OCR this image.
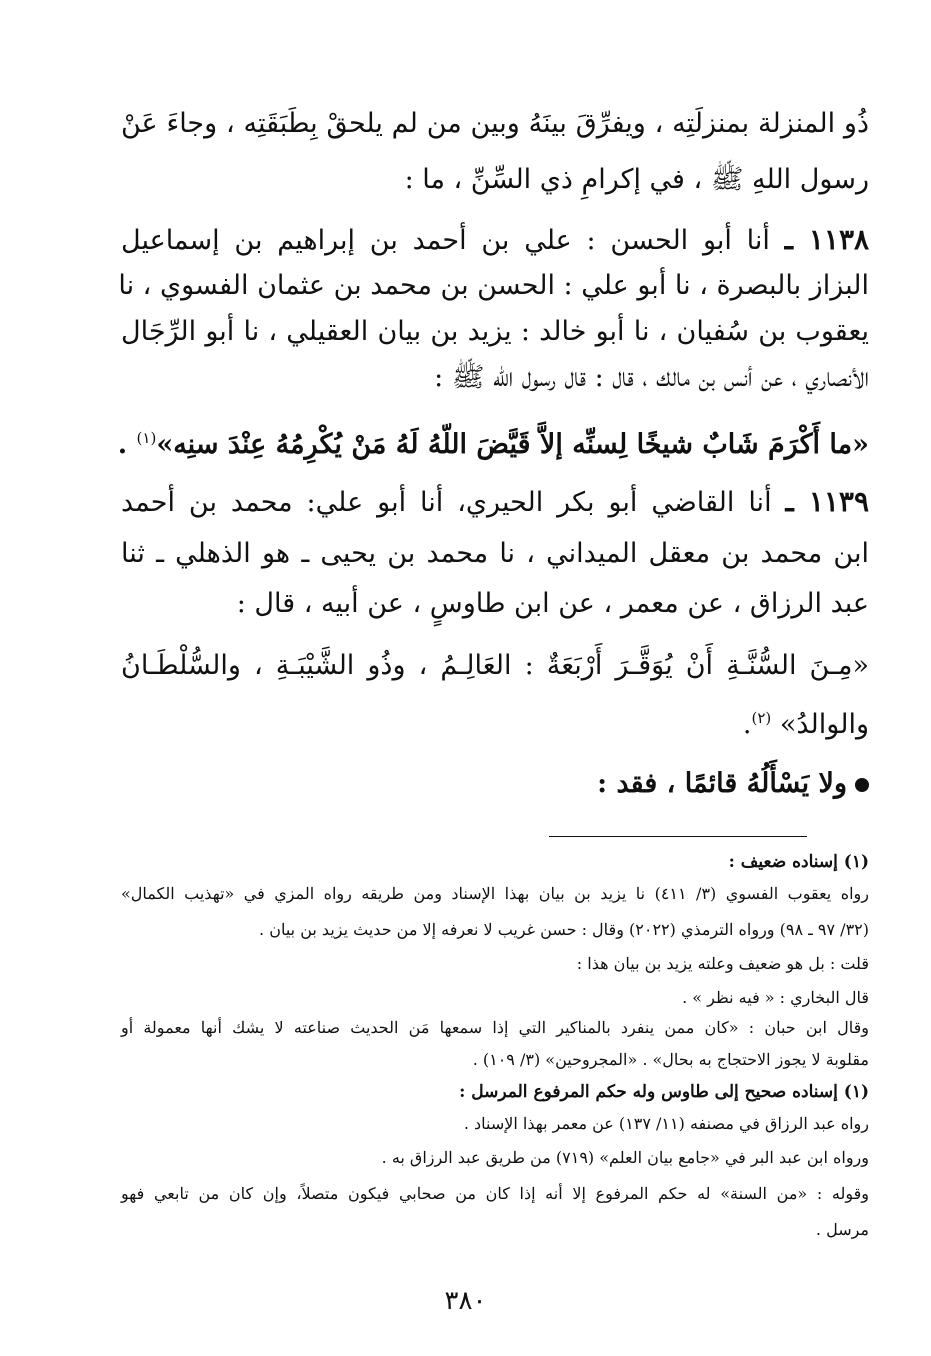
ذُو المنزلة بمنزلَتِه ، ويفرِّقَ بينَهُ وبين من لم يلحقْ بِطَبَقَتِه ، وجاءَ عَنْ
رسول اللهِ ﷺ ، في إكرامِ ذي السِّنِّ ، ما :
١١٣٨ ـ أنا أبو الحسن : علي بن أحمد بن إبراهيم بن إسماعيل
البزاز بالبصرة ، نا أبو علي : الحسن بن محمد بن عثمان الفسوي ، نا
يعقوب بن سُفيان ، نا أبو خالد : يزيد بن بيان العقيلي ، نا أبو الرِّجَال
الأنصاري ، عن أنس بن مالك ، قال : قال رسول الله ﷺ :
«ما أَكْرَمَ شَابٌ شيخًا لِسنِّه إلاَّ قَيَّضَ اللّهُ لَهُ مَنْ يُكْرِمُهُ عِنْدَ سنِه»$^{(١)}$ .
١١٣٩ ـ أنا القاضي أبو بكر الحيري، أنا أبو علي: محمد بن أحمد
ابن محمد بن معقل الميداني ، نا محمد بن يحيى ـ هو الذهلي ـ ثنا
عبد الرزاق ، عن معمر ، عن ابن طاوسٍ ، عن أبيه ، قال :
«مِـنَ السُّنَّـةِ أَنْ يُوَقَّـرَ أَرْبَعَةٌ : العَالِـمُ ، وذُو الشَّيْبَـةِ ، والسُّلْطَـانُ
والوالدُ» $^{(٢)}$.
ولا يَسْأَلُهُ قائمًا ، فقد :
(١) إسناده ضعيف :
رواه يعقوب الفسوي (٣/ ٤١١) نا يزيد بن بيان بهذا الإسناد ومن طريقه رواه المزي في «تهذيب الكمال»
(٣٢/ ٩٧ ـ ٩٨) ورواه الترمذي (٢٠٢٢) وقال : حسن غريب لا نعرفه إلا من حديث يزيد بن بيان .
قلت : بل هو ضعيف وعلته يزيد بن بيان هذا :
قال البخاري : « فيه نظر » .
وقال ابن حبان : «كان ممن ينفرد بالمناكير التي إذا سمعها مَن الحديث صناعته لا يشك أنها معمولة أو
مقلوبة لا يجوز الاحتجاج به بحال» . «المجروحين» (٣/ ١٠٩) .
(١) إسناده صحيح إلى طاوس وله حكم المرفوع المرسل :
رواه عبد الرزاق في مصنفه (١١/ ١٣٧) عن معمر بهذا الإسناد .
ورواه ابن عبد البر في «جامع بيان العلم» (٧١٩) من طريق عبد الرزاق به .
وقوله : «من السنة» له حكم المرفوع إلا أنه إذا كان من صحابي فيكون متصلاً، وإن كان من تابعي فهو
مرسل .
٣٨٠
